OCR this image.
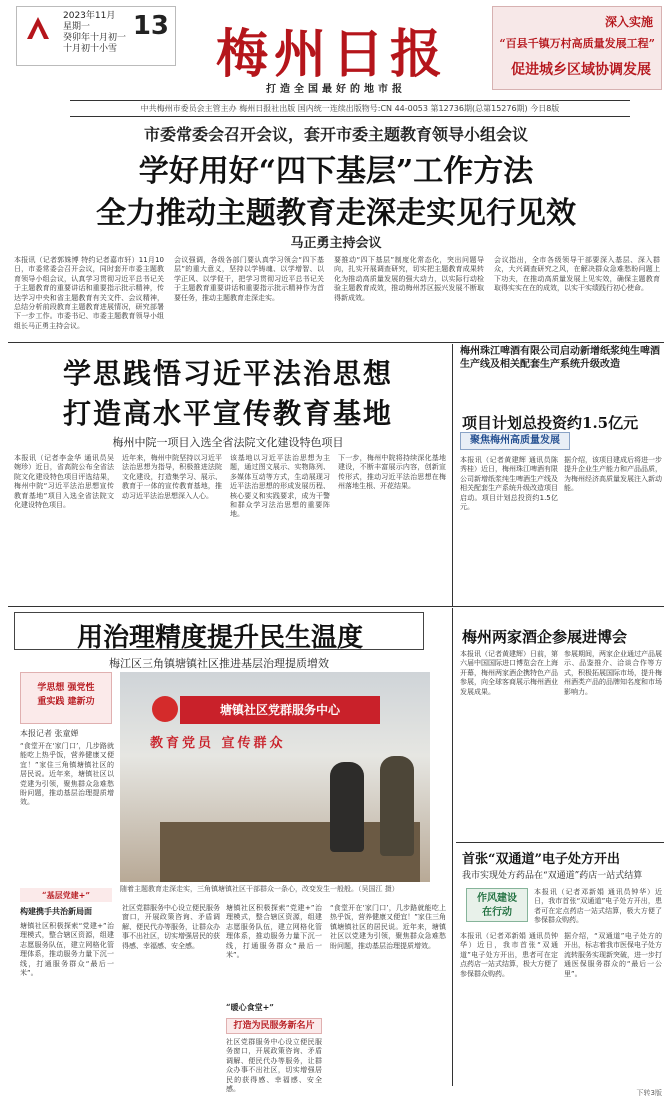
2023年11月
星期一
癸卯年十月初一
十月初十小雪
13 梅州日报
打造全国最好的地市报
深入实施
“百县千镇万村高质量发展工程”
促进城乡区域协调发展
中共梅州市委员会主管主办 梅州日报社出版 国内统一连续出版物号:CN 44-0053 第12736期(总第15276期) 今日8版
市委常委会召开会议，套开市委主题教育领导小组会议
学好用好“四下基层”工作方法
全力推动主题教育走深走实见行见效
马正勇主持会议
本报讯（记者郭姝博 特约记者嘉市轩）11月10日，市委常委会召开会议，同时套开市委主题教育领导小组会议，认真学习贯彻习近平总书记关于主题教育的重要讲话和重要指示批示精神，传达学习中央和省主题教育有关文件、会议精神，总结分析前段教育主题教育进展情况，研究部署下一步工作。市委书记、市委主题教育领导小组组长马正勇主持会议。
会议强调，各级各部门要认真学习领会“四下基层”的重大意义，坚持以学铸魂、以学增智、以学正风、以学促干，把学习贯彻习近平总书记关于主题教育重要讲话和重要指示批示精神作为首要任务，推动主题教育走深走实。
要推动“四下基层”制度化常态化，突出问题导向，扎实开展调查研究，切实把主题教育成果转化为推动高质量发展的强大动力，以实际行动检验主题教育成效，推动梅州苏区振兴发展不断取得新成效。
会议指出，全市各级领导干部要深入基层、深入群众，大兴调查研究之风，在解决群众急难愁盼问题上下功夫，在推动高质量发展上见实效，确保主题教育取得实实在在的成效，以实干实绩践行初心使命。
学思践悟习近平法治思想
打造高水平宣传教育基地
梅州中院一项目入选全省法院文化建设特色项目
本报讯（记者李金华 通讯员吴婉珍）近日，省高院公布全省法院文化建设特色项目评选结果，梅州中院“习近平法治思想宣传教育基地”项目入选全省法院文化建设特色项目。
近年来，梅州中院坚持以习近平法治思想为指导，积极推进法院文化建设，打造集学习、展示、教育于一体的宣传教育基地，推动习近平法治思想深入人心。
该基地以习近平法治思想为主题，通过图文展示、实物陈列、多媒体互动等方式，生动展现习近平法治思想的形成发展历程、核心要义和实践要求，成为干警和群众学习法治思想的重要阵地。
下一步，梅州中院将持续深化基地建设，不断丰富展示内容，创新宣传形式，推动习近平法治思想在梅州落地生根、开花结果。
梅州珠江啤酒有限公司启动新增纸浆纯生啤酒生产线及相关配套生产系统升级改造
项目计划总投资约1.5亿元
聚焦梅州高质量发展
本报讯（记者黄建辉 通讯员陈秀桂）近日，梅州珠江啤酒有限公司新增纸浆纯生啤酒生产线及相关配套生产系统升级改造项目启动。项目计划总投资约1.5亿元。
据介绍，该项目建成后将进一步提升企业生产能力和产品品质，为梅州经济高质量发展注入新动能。
用治理精度提升民生温度
梅江区三角镇塘镇社区推进基层治理提质增效
学思想 强党性
重实践 建新功
本报记者 张童婵
“食堂开在‘家门口’，几步路就能吃上热乎饭，营养健康又便宜！”家住三角镇塘镇社区的居民说。近年来，塘镇社区以党建为引领，聚焦群众急难愁盼问题，推动基层治理提质增效。
“基层党建+”
构建携手共治新局面
塘镇社区积极探索“党建+”治理模式，整合辖区资源，组建志愿服务队伍，建立网格化管理体系，推动服务力量下沉一线，打通服务群众“最后一米”。
塘镇社区党群服务中心
教育党员 宣传群众
随着主题教育走深走实，三角镇塘镇社区干部群众一条心，改变发生一般般。（吴国江 摄）
社区党群服务中心设立便民服务窗口，开展政策咨询、矛盾调解、便民代办等服务，让群众办事不出社区，切实增强居民的获得感、幸福感、安全感。
“暖心食堂+”
打造为民服务新名片
塘镇社区积极探索“党建+”治理模式，整合辖区资源，组建志愿服务队伍，建立网格化管理体系，推动服务力量下沉一线，打通服务群众“最后一米”。
社区党群服务中心设立便民服务窗口，开展政策咨询、矛盾调解、便民代办等服务，让群众办事不出社区，切实增强居民的获得感、幸福感、安全感。
“食堂开在‘家门口’，几步路就能吃上热乎饭，营养健康又便宜！”家住三角镇塘镇社区的居民说。近年来，塘镇社区以党建为引领，聚焦群众急难愁盼问题，推动基层治理提质增效。
梅州两家酒企参展进博会
本报讯（记者黄建辉）日前，第六届中国国际进口博览会在上海开幕，梅州两家酒企携特色产品参展，向全球客商展示梅州酒业发展成果。
参展期间，两家企业通过产品展示、品鉴推介、洽谈合作等方式，积极拓展国际市场，提升梅州酒类产品的品牌知名度和市场影响力。
首张“双通道”电子处方开出
我市实现处方药品在“双通道”药店一站式结算
作风建设
在行动
本报讯（记者邓新娟 通讯员钟华）近日，我市首张“双通道”电子处方开出，患者可在定点药店一站式结算，极大方便了参保群众购药。
本报讯（记者邓新娟 通讯员钟华）近日，我市首张“双通道”电子处方开出，患者可在定点药店一站式结算，极大方便了参保群众购药。
据介绍，“双通道”电子处方的开出，标志着我市医保电子处方流转服务实现新突破，进一步打通医保服务群众的“最后一公里”。
下转3版
